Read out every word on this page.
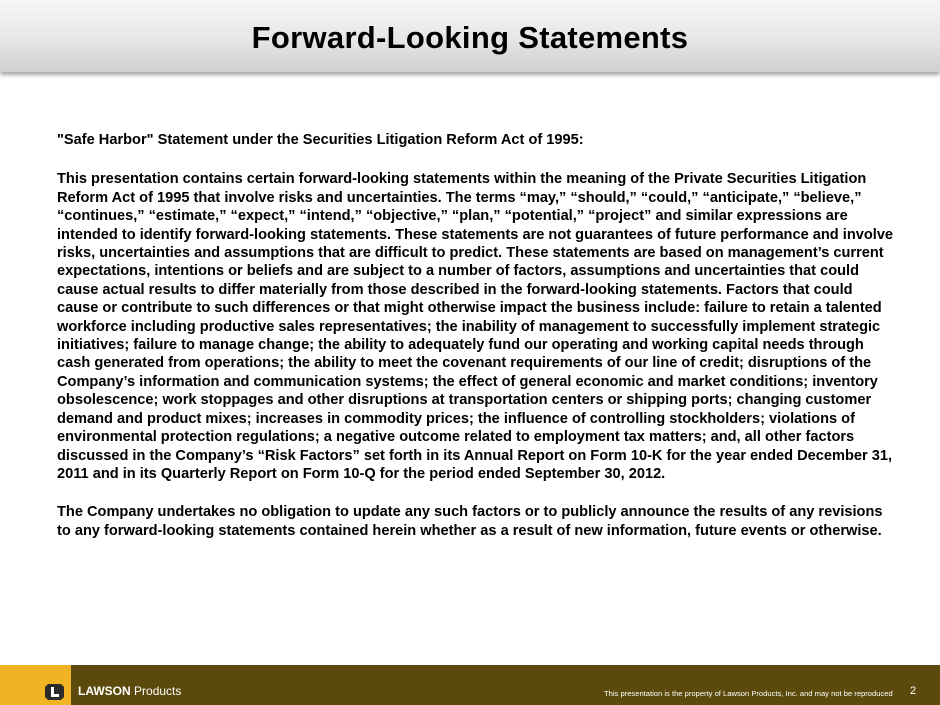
Forward-Looking Statements

"Safe Harbor" Statement under the Securities Litigation Reform Act of 1995:

This presentation contains certain forward-looking statements within the meaning of the Private Securities Litigation Reform Act of 1995 that involve risks and uncertainties. The terms “may,” “should,” “could,” “anticipate,” “believe,” “continues,” “estimate,” “expect,” “intend,” “objective,” “plan,” “potential,” “project” and similar expressions are intended to identify forward-looking statements. These statements are not guarantees of future performance and involve risks, uncertainties and assumptions that are difficult to predict. These statements are based on management’s current expectations, intentions or beliefs and are subject to a number of factors, assumptions and uncertainties that could cause actual results to differ materially from those described in the forward-looking statements. Factors that could cause or contribute to such differences or that might otherwise impact the business include: failure to retain a talented workforce including productive sales representatives; the inability of management to successfully implement strategic initiatives; failure to manage change; the ability to adequately fund our operating and working capital needs through cash generated from operations; the ability to meet the covenant requirements of our line of credit; disruptions of the Company’s information and communication systems; the effect of general economic and market conditions; inventory obsolescence; work stoppages and other disruptions at transportation centers or shipping ports; changing customer demand and product mixes; increases in commodity prices; the influence of controlling stockholders; violations of environmental protection regulations; a negative outcome related to employment tax matters; and, all other factors discussed in the Company’s “Risk Factors” set forth in its Annual Report on Form 10-K for the year ended December 31, 2011 and in its Quarterly Report on Form 10-Q for the period ended September 30, 2012.

The Company undertakes no obligation to update any such factors or to publicly announce the results of any revisions to any forward-looking statements contained herein whether as a result of new information, future events or otherwise.

LAWSON Products	This presentation is the property of Lawson Products, Inc. and may not be reproduced 2
